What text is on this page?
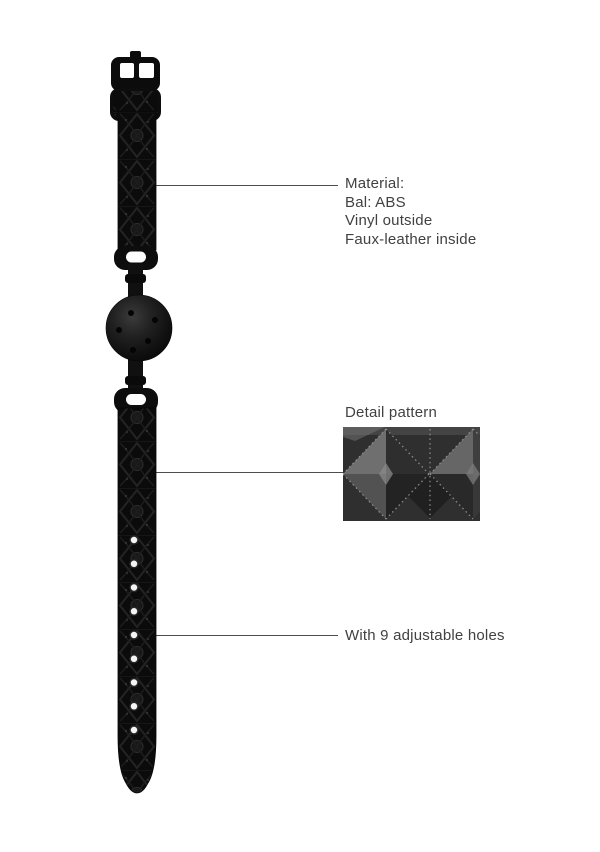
Material:
Bal: ABS
Vinyl outside
Faux-leather inside
Detail pattern
With 9 adjustable holes
